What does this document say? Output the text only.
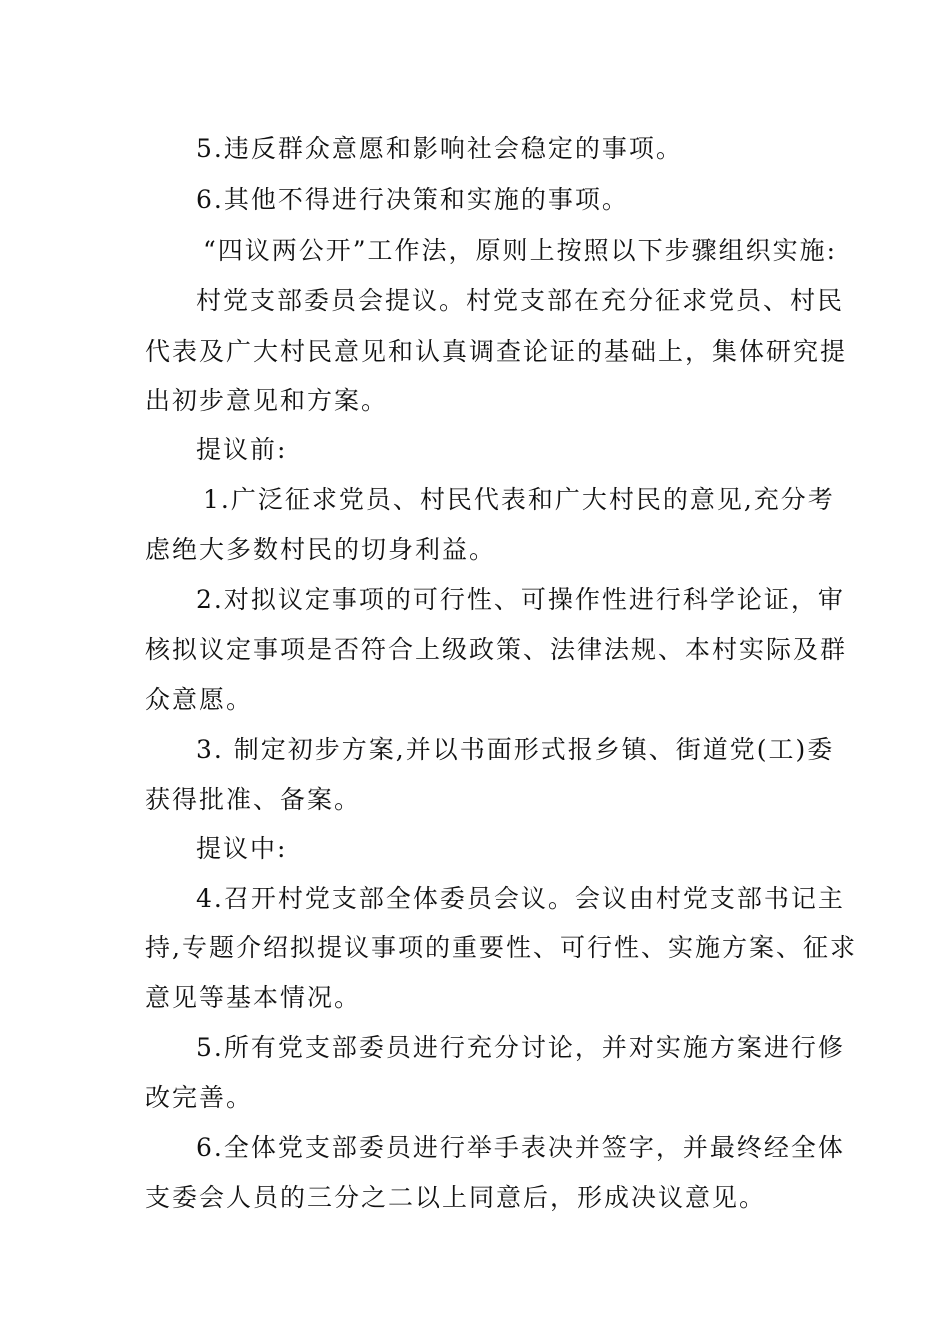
5.违反群众意愿和影响社会稳定的事项。
6.其他不得进行决策和实施的事项。
“四议两公开”工作法，原则上按照以下步骤组织实施:
村党支部委员会提议。村党支部在充分征求党员、村民
代表及广大村民意见和认真调查论证的基础上，集体研究提
出初步意见和方案。
提议前:
1.广泛征求党员、村民代表和广大村民的意见,充分考
虑绝大多数村民的切身利益。
2.对拟议定事项的可行性、可操作性进行科学论证，审
核拟议定事项是否符合上级政策、法律法规、本村实际及群
众意愿。
3. 制定初步方案,并以书面形式报乡镇、街道党(工)委
获得批准、备案。
提议中:
4.召开村党支部全体委员会议。会议由村党支部书记主
持,专题介绍拟提议事项的重要性、可行性、实施方案、征求
意见等基本情况。
5.所有党支部委员进行充分讨论，并对实施方案进行修
改完善。
6.全体党支部委员进行举手表决并签字，并最终经全体
支委会人员的三分之二以上同意后，形成决议意见。
